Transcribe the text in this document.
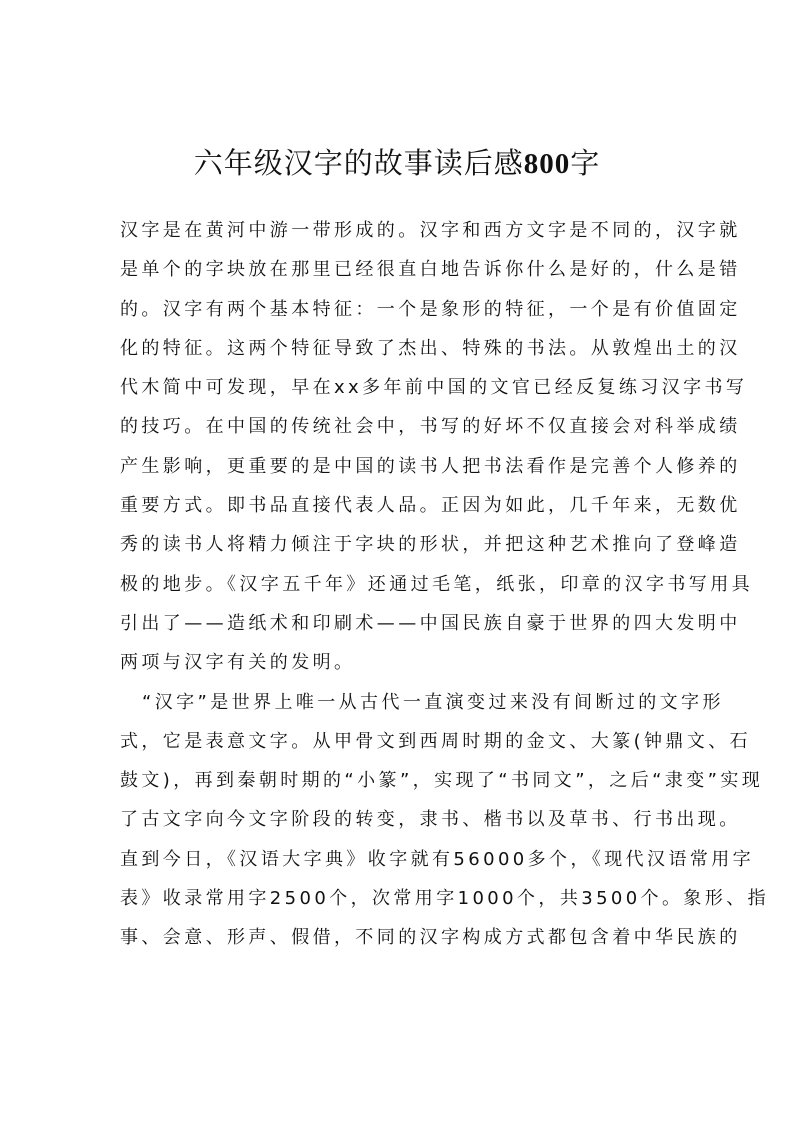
六年级汉字的故事读后感800字
汉字是在黄河中游一带形成的。汉字和西方文字是不同的，汉字就
是单个的字块放在那里已经很直白地告诉你什么是好的，什么是错
的。汉字有两个基本特征：一个是象形的特征，一个是有价值固定
化的特征。这两个特征导致了杰出、特殊的书法。从敦煌出土的汉
代木简中可发现，早在xx多年前中国的文官已经反复练习汉字书写
的技巧。在中国的传统社会中，书写的好坏不仅直接会对科举成绩
产生影响，更重要的是中国的读书人把书法看作是完善个人修养的
重要方式。即书品直接代表人品。正因为如此，几千年来，无数优
秀的读书人将精力倾注于字块的形状，并把这种艺术推向了登峰造
极的地步。《汉字五千年》还通过毛笔，纸张，印章的汉字书写用具
引出了——造纸术和印刷术——中国民族自豪于世界的四大发明中
两项与汉字有关的发明。
“汉字”是世界上唯一从古代一直演变过来没有间断过的文字形
式，它是表意文字。从甲骨文到西周时期的金文、大篆(钟鼎文、石
鼓文)，再到秦朝时期的“小篆”，实现了“书同文”，之后“隶变”实现
了古文字向今文字阶段的转变，隶书、楷书以及草书、行书出现。
直到今日，《汉语大字典》收字就有56000多个，《现代汉语常用字
表》收录常用字2500个，次常用字1000个，共3500个。象形、指
事、会意、形声、假借，不同的汉字构成方式都包含着中华民族的
